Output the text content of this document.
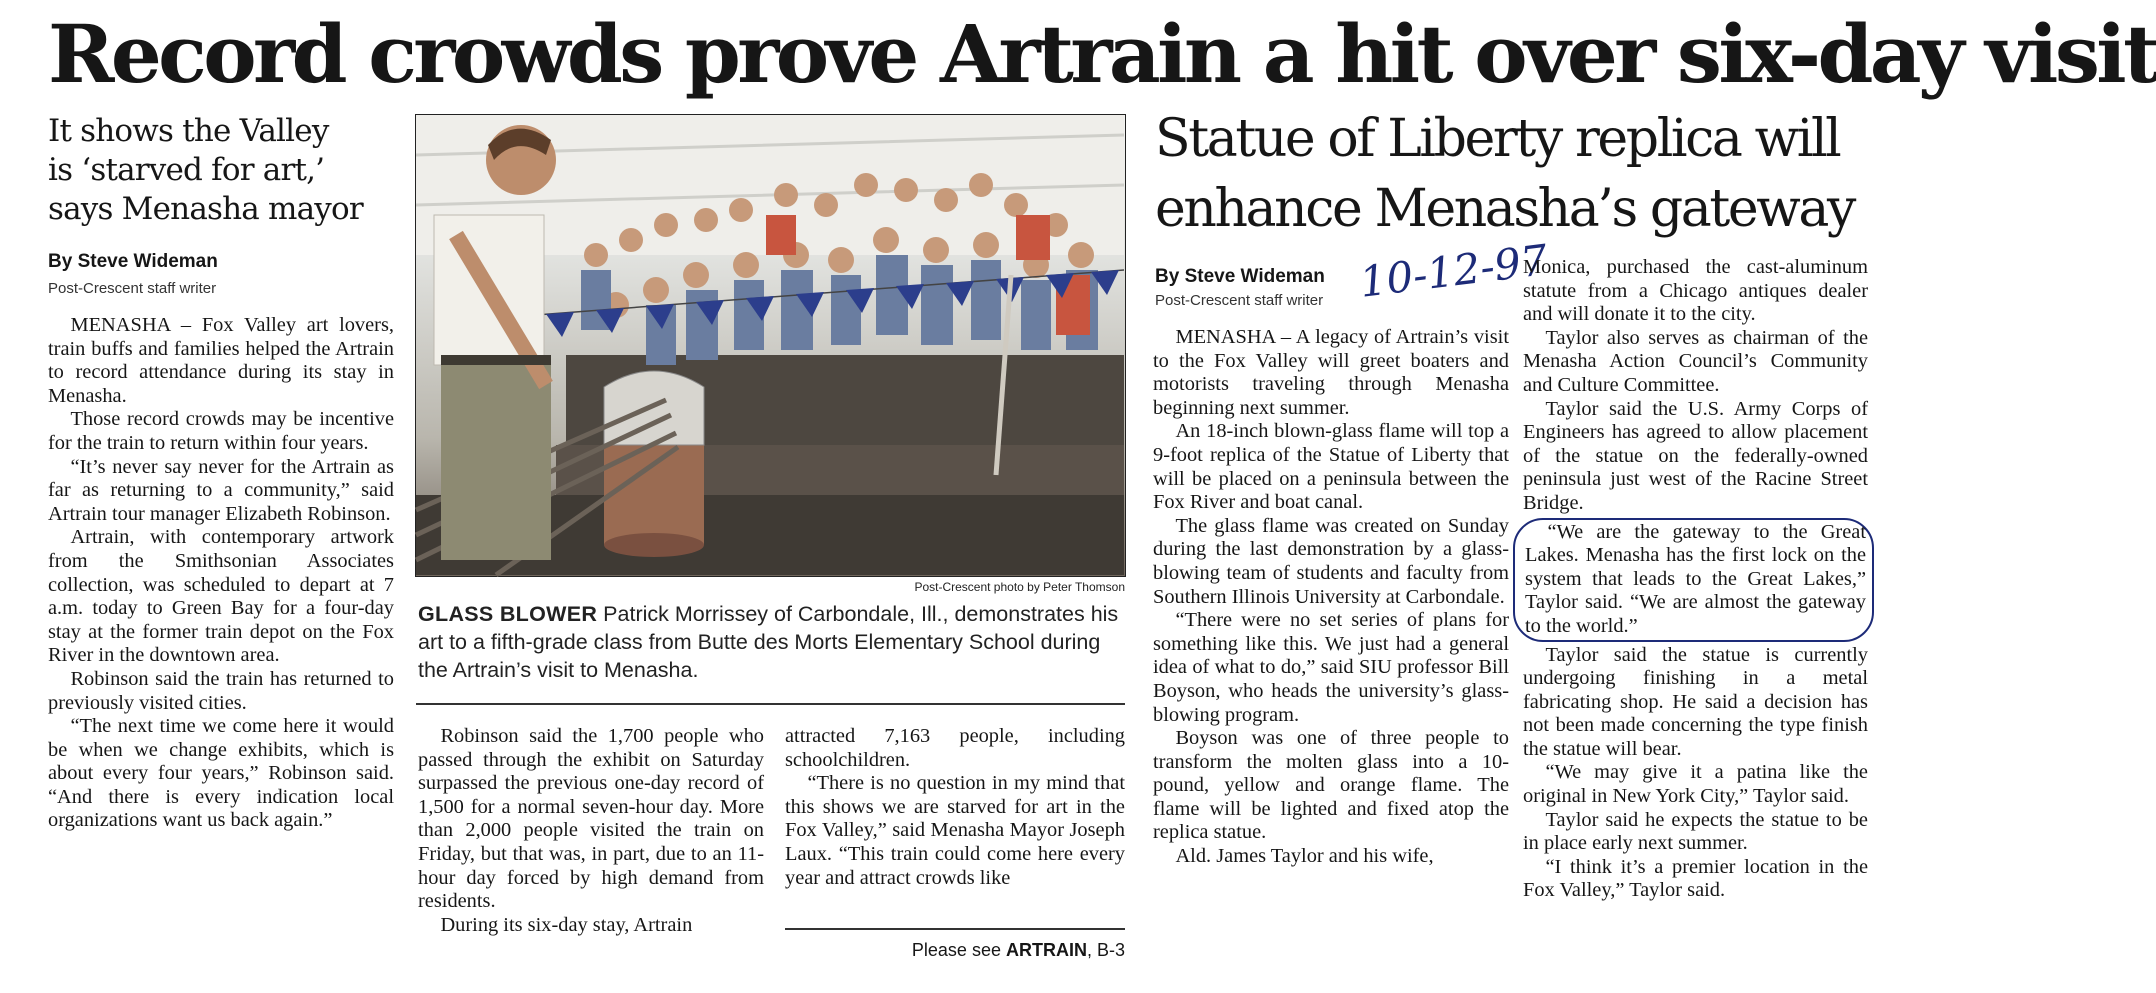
Record crowds prove Artrain a hit over six-day visit
It shows the Valley
is ‘starved for art,’
says Menasha mayor
By Steve Wideman
Post-Crescent staff writer

MENASHA – Fox Valley art lovers, train buffs and families helped the Artrain to record attendance during its stay in Menasha.

Those record crowds may be incentive for the train to return within four years.

“It’s never say never for the Artrain as far as returning to a community,” said Artrain tour manager Elizabeth Robinson.

Artrain, with contemporary artwork from the Smithsonian Associates collection, was scheduled to depart at 7 a.m. today to Green Bay for a four-day stay at the former train depot on the Fox River in the downtown area.

Robinson said the train has returned to previously visited cities.

“The next time we come here it would be when we change exhibits, which is about every four years,” Robinson said. “And there is every indication local organizations want us back again.”

Post-Crescent photo by Peter Thomson
GLASS BLOWER Patrick Morrissey of Carbondale, Ill., demonstrates his art to a fifth-grade class from Butte des Morts Elementary School during the Artrain’s visit to Menasha.

Robinson said the 1,700 people who passed through the exhibit on Saturday surpassed the previous one-day record of 1,500 for a normal seven-hour day. More than 2,000 people visited the train on Friday, but that was, in part, due to an 11-hour day forced by high demand from residents.

During its six-day stay, Artrain

attracted 7,163 people, including schoolchildren.

“There is no question in my mind that this shows we are starved for art in the Fox Valley,” said Menasha Mayor Joseph Laux. “This train could come here every year and attract crowds like

Please see ARTRAIN, B-3
Statue of Liberty replica will
enhance Menasha’s gateway
By Steve Wideman
Post-Crescent staff writer 10-12-97

MENASHA – A legacy of Artrain’s visit to the Fox Valley will greet boaters and motorists traveling through Menasha beginning next summer.

An 18-inch blown-glass flame will top a 9-foot replica of the Statue of Liberty that will be placed on a peninsula between the Fox River and boat canal.

The glass flame was created on Sunday during the last demonstration by a glass-blowing team of students and faculty from Southern Illinois University at Carbondale.

“There were no set series of plans for something like this. We just had a general idea of what to do,” said SIU professor Bill Boyson, who heads the university’s glass-blowing program.

Boyson was one of three people to transform the molten glass into a 10-pound, yellow and orange flame. The flame will be lighted and fixed atop the replica statue.

Ald. James Taylor and his wife,

Monica, purchased the cast-aluminum statute from a Chicago antiques dealer and will donate it to the city.

Taylor also serves as chairman of the Menasha Action Council’s Community and Culture Committee.

Taylor said the U.S. Army Corps of Engineers has agreed to allow placement of the statue on the federally-owned peninsula just west of the Racine Street Bridge.

“We are the gateway to the Great Lakes. Menasha has the first lock on the system that leads to the Great Lakes,” Taylor said. “We are almost the gateway to the world.”

Taylor said the statue is currently undergoing finishing in a metal fabricating shop. He said a decision has not been made concerning the type finish the statue will bear.

“We may give it a patina like the original in New York City,” Taylor said.

Taylor said he expects the statue to be in place early next summer.

“I think it’s a premier location in the Fox Valley,” Taylor said.
